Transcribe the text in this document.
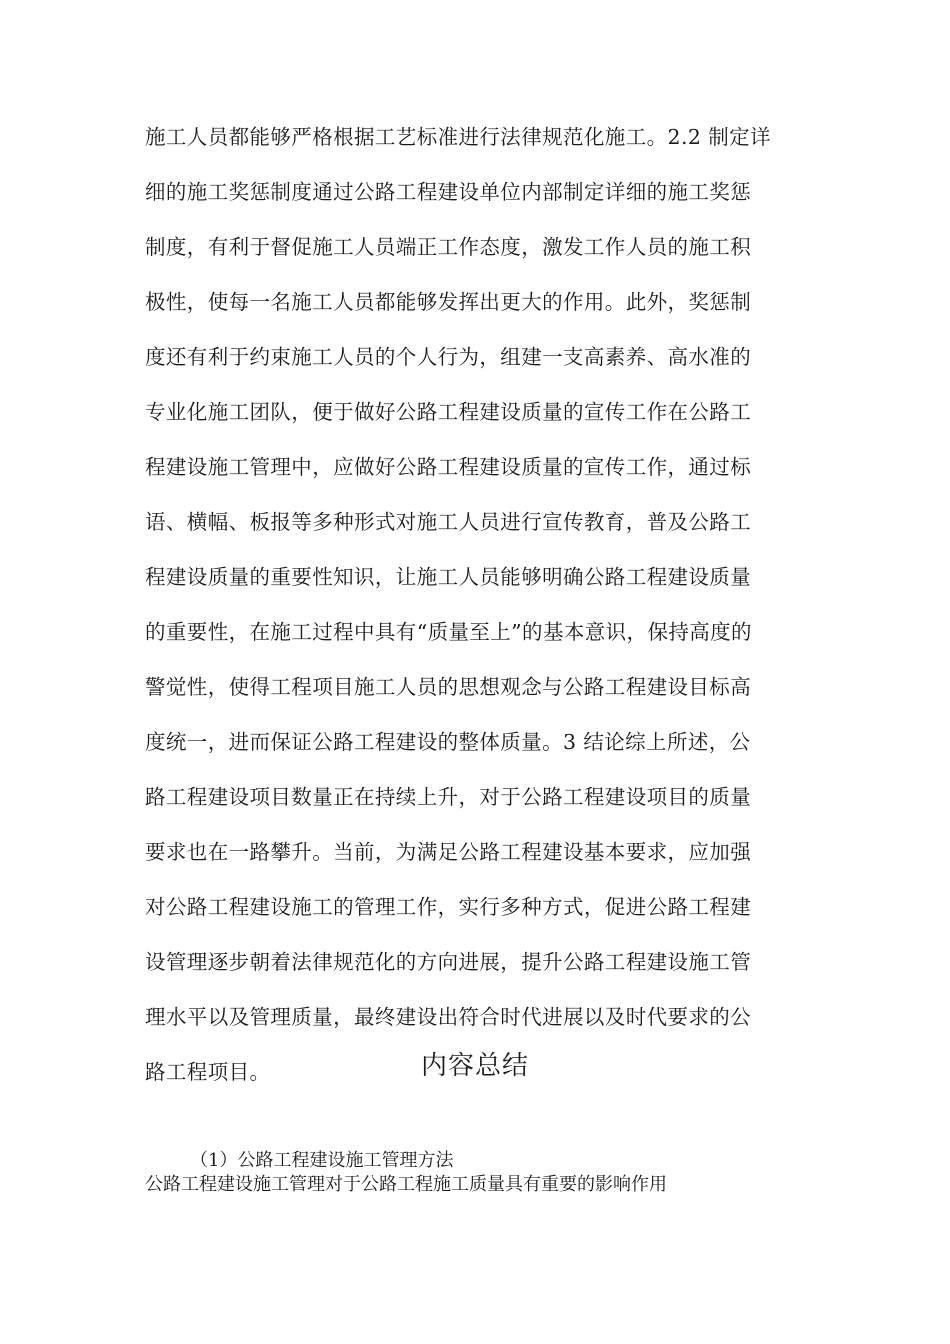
施工人员都能够严格根据工艺标准进行法律规范化施工。2.2 制定详
细的施工奖惩制度通过公路工程建设单位内部制定详细的施工奖惩
制度，有利于督促施工人员端正工作态度，激发工作人员的施工积
极性，使每一名施工人员都能够发挥出更大的作用。此外，奖惩制
度还有利于约束施工人员的个人行为，组建一支高素养、高水准的
专业化施工团队，便于做好公路工程建设质量的宣传工作在公路工
程建设施工管理中，应做好公路工程建设质量的宣传工作，通过标
语、横幅、板报等多种形式对施工人员进行宣传教育，普及公路工
程建设质量的重要性知识，让施工人员能够明确公路工程建设质量
的重要性，在施工过程中具有“质量至上”的基本意识，保持高度的
警觉性，使得工程项目施工人员的思想观念与公路工程建设目标高
度统一，进而保证公路工程建设的整体质量。3 结论综上所述，公
路工程建设项目数量正在持续上升，对于公路工程建设项目的质量
要求也在一路攀升。当前，为满足公路工程建设基本要求，应加强
对公路工程建设施工的管理工作，实行多种方式，促进公路工程建
设管理逐步朝着法律规范化的方向进展，提升公路工程建设施工管
理水平以及管理质量，最终建设出符合时代进展以及时代要求的公
路工程项目。	内容总结
（1）公路工程建设施工管理方法
公路工程建设施工管理对于公路工程施工质量具有重要的影响作用
